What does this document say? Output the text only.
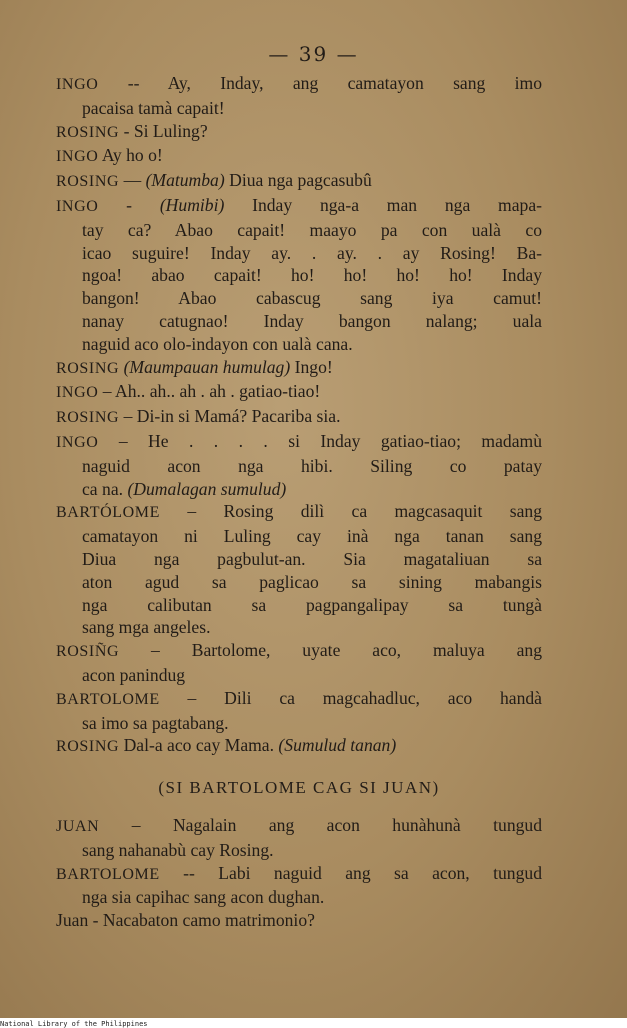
— 39 —
INGO -- Ay, Inday, ang camatayon sang imo
pacaisa tamà capait!
ROSING - Si Luling?
INGO Ay ho o!
ROSING — (Matumba) Diua nga pagcasubû
INGO - (Humibi) Inday nga-a man nga mapa-
tay ca? Abao capait! maayo pa con ualà co
icao suguire! Inday ay. . ay. . ay Rosing! Ba-
ngoa! abao capait! ho! ho! ho! ho! Inday
bangon! Abao cabascug sang iya camut!
nanay catugnao! Inday bangon nalang; uala
naguid aco olo-indayon con ualà cana.
ROSING (Maumpauan humulag) Ingo!
INGO – Ah.. ah.. ah . ah . gatiao-tiao!
ROSING – Di-in si Mamá? Pacariba sia.
INGO – He . . . . si Inday gatiao-tiao; madamù
naguid acon nga hibi. Siling co patay
ca na. (Dumalagan sumulud)
BARTÓLOME – Rosing dilì ca magcasaquit sang
camatayon ni Luling cay inà nga tanan sang
Diua nga pagbulut-an. Sia magataliuan sa
aton agud sa paglicao sa sining mabangis
nga calibutan sa pagpangalipay sa tungà
sang mga angeles.
ROSIÑG – Bartolome, uyate aco, maluya ang
acon panindug
BARTOLOME – Dili ca magcahadluc, aco handà
sa imo sa pagtabang.
ROSING Dal-a aco cay Mama. (Sumulud tanan)
(SI BARTOLOME CAG SI JUAN)
JUAN – Nagalain ang acon hunàhunà tungud
sang nahanabù cay Rosing.
BARTOLOME -- Labi naguid ang sa acon, tungud
nga sia capihac sang acon dughan.
Juan - Nacabaton camo matrimonio?
National Library of the Philippines
